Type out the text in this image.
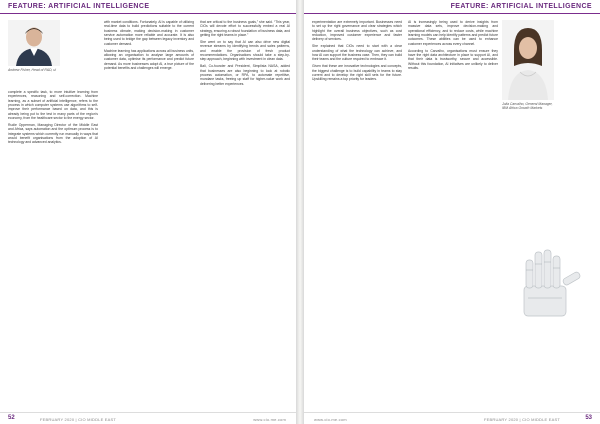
FEATURE: ARTIFICIAL INTELLIGENCE
Andrew Fisher, Head of R&D, ul

complete a specific task, to more intuitive learning from experiences, reasoning and self-correction. Machine learning, as a subset of artificial intelligence, refers to the process in which computer systems use algorithms to self-improve their performance based on data, and this is already being put to the test in many parts of the region's economy, from the healthcare sector to the energy sector.

Rudie Opperman, Managing Director of the Middle East and Africa, says automation and the optimum process is to integrate systems which currently run manually in ways that would benefit organisations from the adoption of AI technology and advanced analytics.

with market conditions. Fortunately, AI is capable of utilizing real-time data to build predictions suitable to the current business climate, making decision-making in customer service automation more reliable and accurate. It is also being used to bridge the gap between legacy inventory and customer demand.

Machine learning has applications across all business units, allowing an organisation to analyse large amounts of customer data, optimise its performance and predict future demand. As more businesses adopt AI, a true picture of the potential benefits and challenges will emerge.

that are critical to the business goals,” she said. “This year, CIOs will devote effort to successfully embed a real AI strategy, ensuring a robust foundation of business data, and getting the right teams in place.”

She went on to say that AI can also drive new digital revenue streams by identifying trends and sales patterns, and enable the provision of fresh product recommendations. Organisations should take a step-by-step approach, beginning with investment in clean data.

Bali, Co-founder and President, Simplista NASA, added that businesses are also beginning to look at robotic process automation, or RPA, to automate repetitive, mundane tasks, freeing up staff for higher-value work and delivering better experiences.

52	FEBRUARY 2020 | CIO MIDDLE EAST	www.cio.me.com
FEATURE: ARTIFICIAL INTELLIGENCE

experimentation are extremely important. Businesses need to set up the right governance and clear strategies which highlight the overall business objectives, such as cost reduction, improved customer experience and faster delivery of services.

She explained that CIOs need to start with a clear understanding of what the technology can achieve, and how AI can support the business case. Then, they can build their teams and the culture required to embrace it.

Given that these are innovative technologies and concepts, the biggest challenge is to build capability in teams to stay current and to develop the right skill sets for the future. Upskilling remains a top priority for leaders.

AI is increasingly being used to derive insights from massive data sets, improve decision-making and operational efficiency, and to reduce costs, while machine learning models can help identify patterns and predict future outcomes. These abilities can be used to enhance customer experiences across every channel.

According to Carvalho, organisations must ensure they have the right data architecture in place to support AI, and that their data is trustworthy, secure and accessible. Without this foundation, AI initiatives are unlikely to deliver results.

Julia Carvalho, General Manager, IBM Africa Growth Markets
www.cio.me.com	FEBRUARY 2020 | CIO MIDDLE EAST	53
